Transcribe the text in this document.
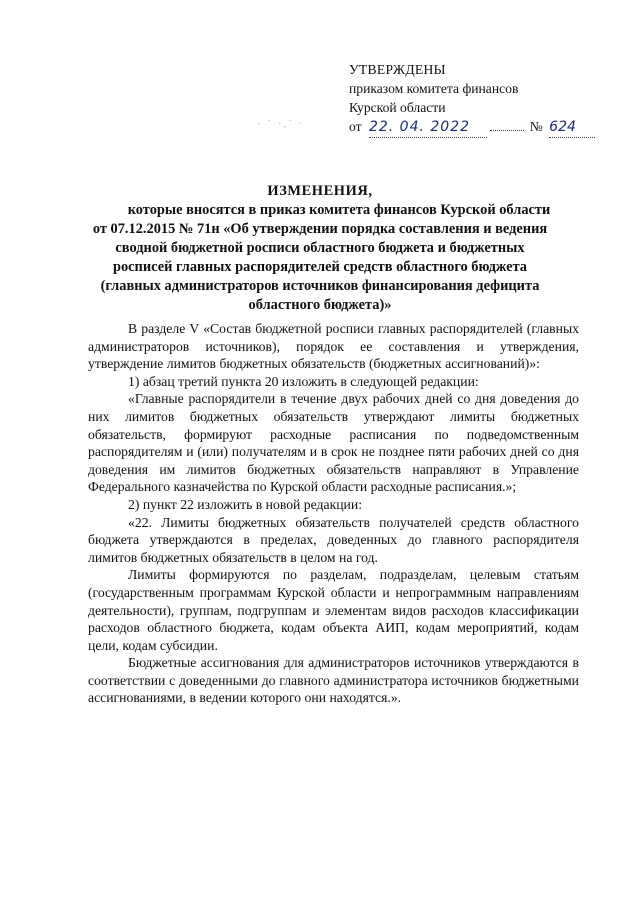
УТВЕРЖДЕНЫ
приказом комитета финансов
Курской области
от 22. 04. 2022	№ 624
· ˙ ·,˙ ·
ИЗМЕНЕНИЯ,
которые вносятся в приказ комитета финансов Курской области
от 07.12.2015 № 71н «Об утверждении порядка составления и ведения
сводной бюджетной росписи областного бюджета и бюджетных
росписей главных распорядителей средств областного бюджета
(главных администраторов источников финансирования дефицита
областного бюджета)»

В разделе V «Состав бюджетной росписи главных распорядителей (главных администраторов источников), порядок ее составления и утверждения, утверждение лимитов бюджетных обязательств (бюджетных ассигнований)»:

1) абзац третий пункта 20 изложить в следующей редакции:

«Главные распорядители в течение двух рабочих дней со дня доведения до них лимитов бюджетных обязательств утверждают лимиты бюджетных обязательств, формируют расходные расписания по подведомственным распорядителям и (или) получателям и в срок не позднее пяти рабочих дней со дня доведения им лимитов бюджетных обязательств направляют в Управление Федерального казначейства по Курской области расходные расписания.»;

2) пункт 22 изложить в новой редакции:

«22. Лимиты бюджетных обязательств получателей средств областного бюджета утверждаются в пределах, доведенных до главного распорядителя лимитов бюджетных обязательств в целом на год.

Лимиты формируются по разделам, подразделам, целевым статьям (государственным программам Курской области и непрограммным направлениям деятельности), группам, подгруппам и элементам видов расходов классификации расходов областного бюджета, кодам объекта АИП, кодам мероприятий, кодам цели, кодам субсидии.

Бюджетные ассигнования для администраторов источников утверждаются в соответствии с доведенными до главного администратора источников бюджетными ассигнованиями, в ведении которого они находятся.».
